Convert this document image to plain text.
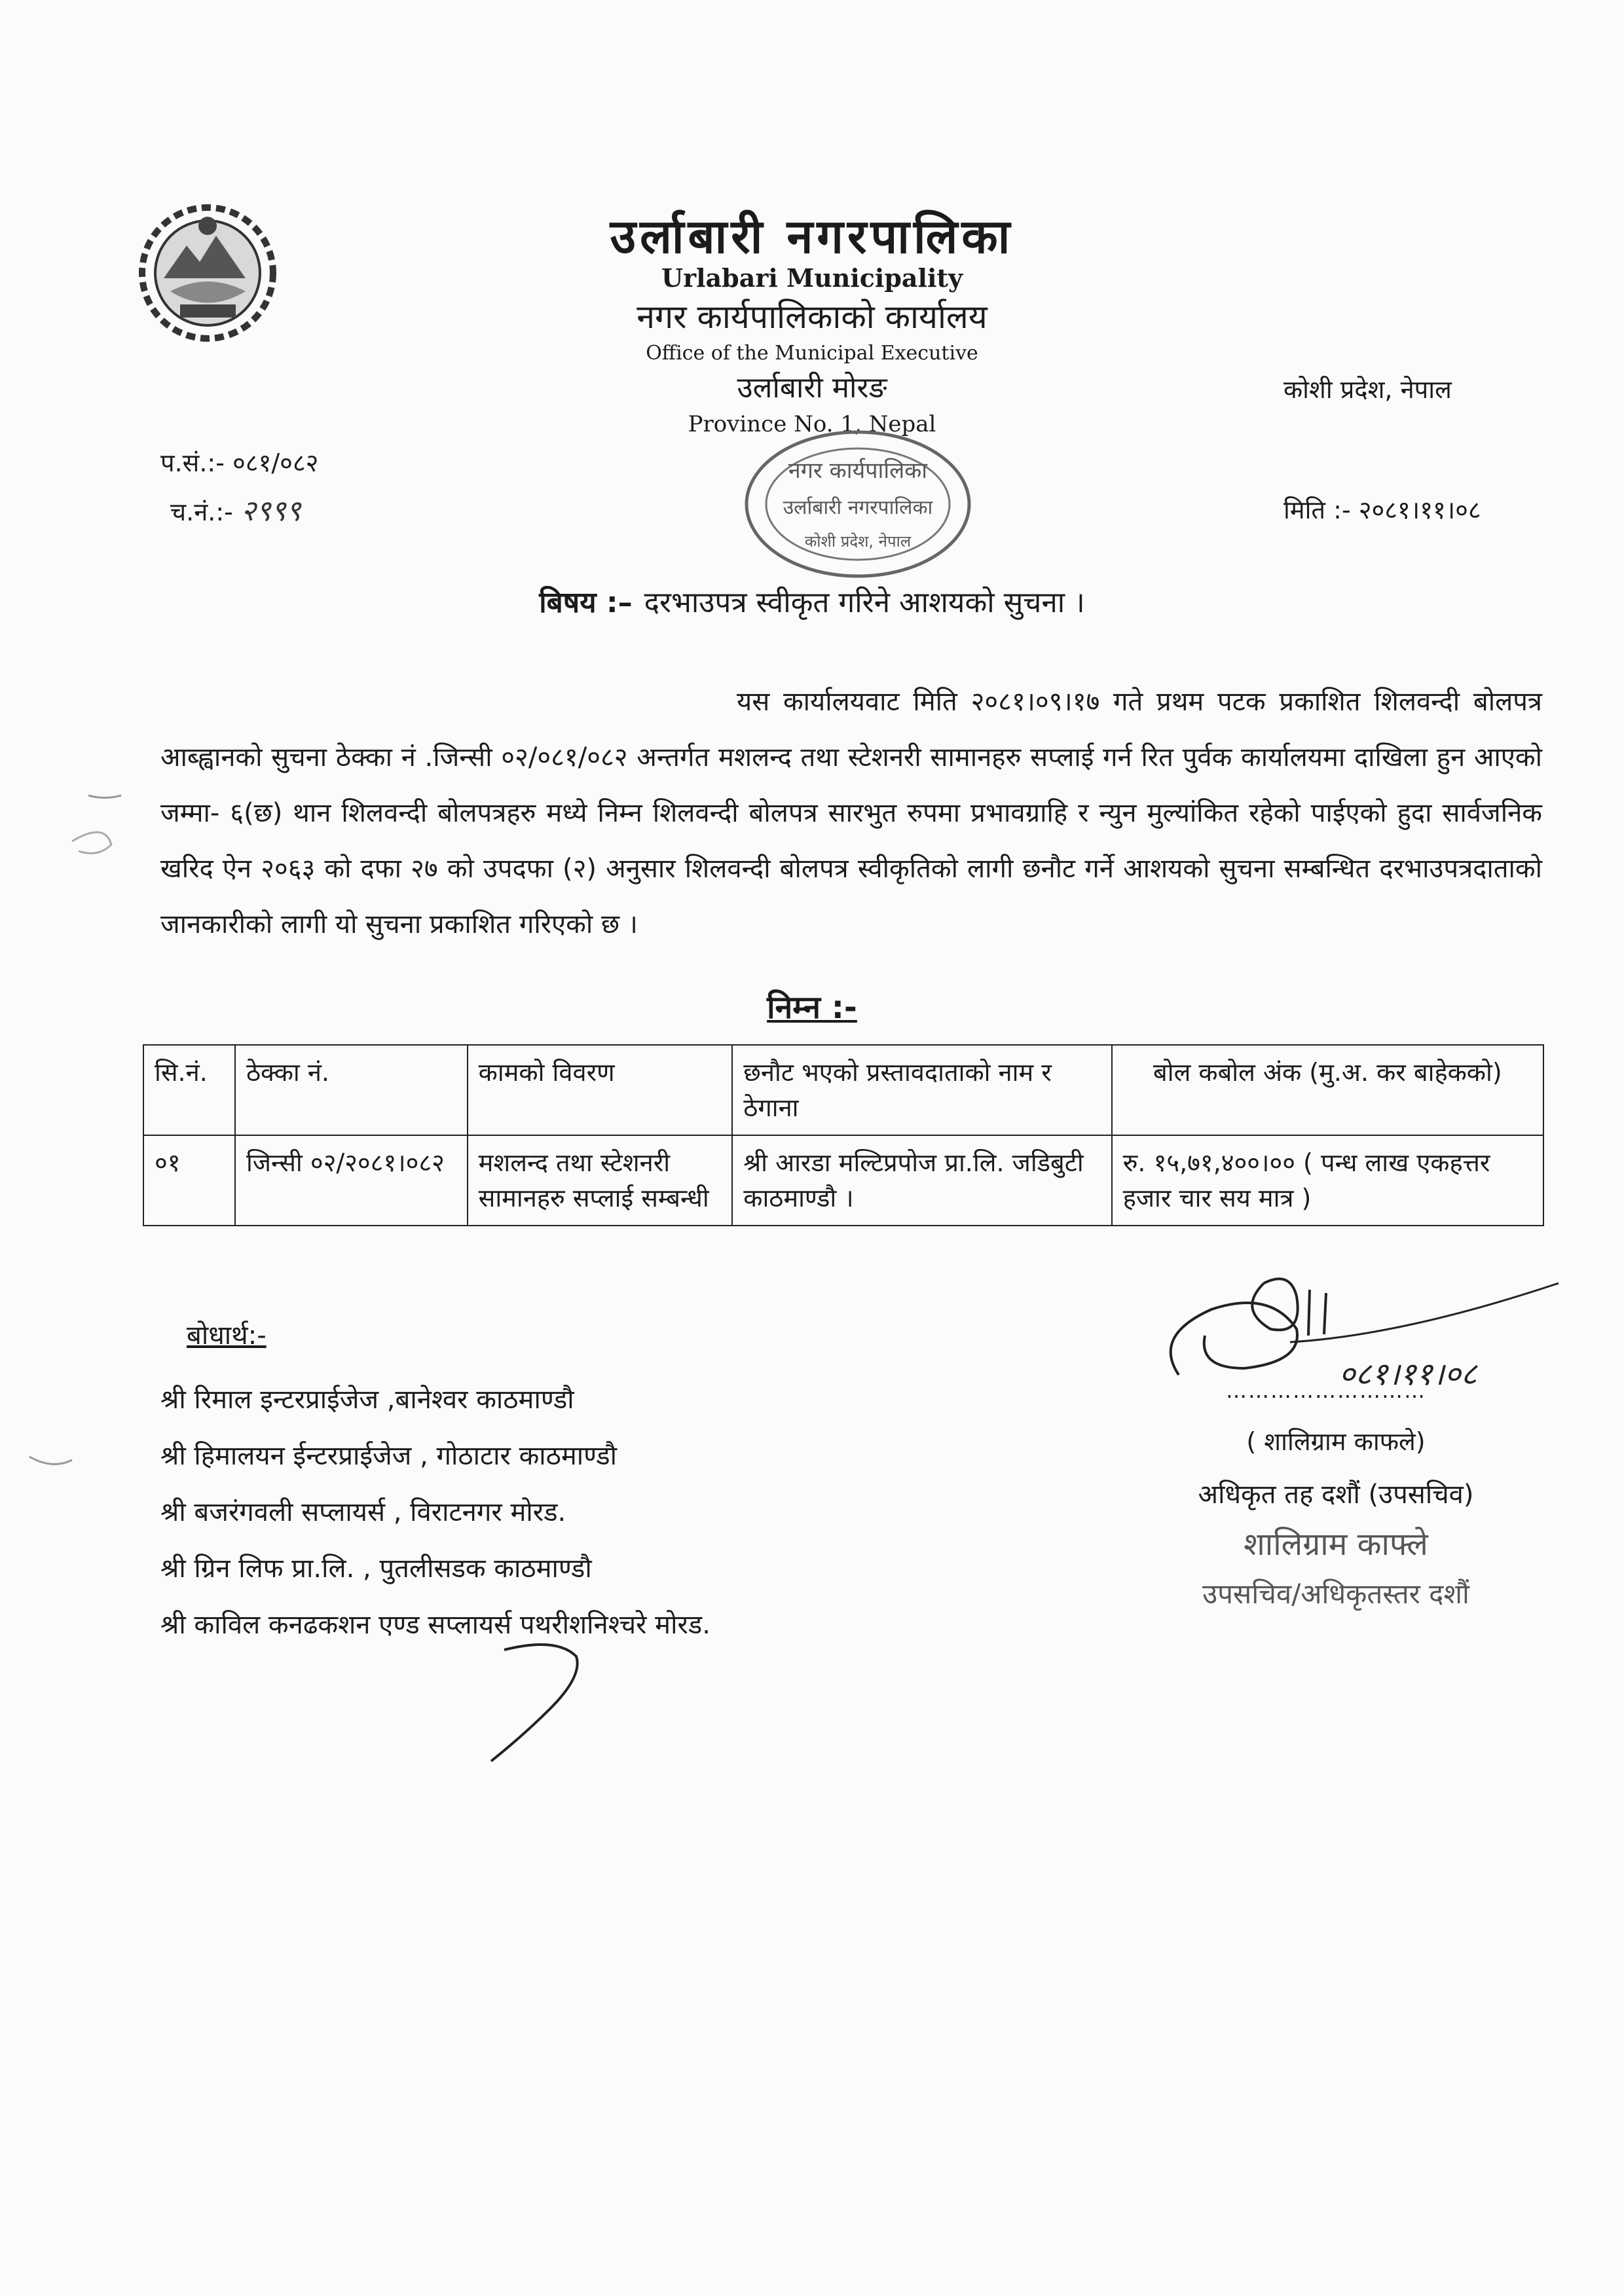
उर्लाबारी नगरपालिका
Urlabari Municipality
नगर कार्यपालिकाको कार्यालय
Office of the Municipal Executive
उर्लाबारी मोरङ
Province No. 1, Nepal
कोशी प्रदेश, नेपाल
नगर कार्यपालिका
उर्लाबारी नगरपालिका
कोशी प्रदेश, नेपाल
प.सं.:- ०८१/०८२
च.नं.:- २९९९	मिति :- २०८१।११।०८
बिषय :– दरभाउपत्र स्वीकृत गरिने आशयको सुचना ।

यस कार्यालयवाट मिति २०८१।०९।१७ गते प्रथम पटक प्रकाशित शिलवन्दी बोलपत्र आब्ह्वानको सुचना ठेक्का नं .जिन्सी ०२/०८१/०८२ अन्तर्गत मशलन्द तथा स्टेशनरी सामानहरु सप्लाई गर्न रित पुर्वक कार्यालयमा दाखिला हुन आएको जम्मा- ६(छ) थान शिलवन्दी बोलपत्रहरु मध्ये निम्न शिलवन्दी बोलपत्र सारभुत रुपमा प्रभावग्राहि र न्युन मुल्यांकित रहेको पाईएको हुदा सार्वजनिक खरिद ऐन २०६३ को दफा २७ को उपदफा (२) अनुसार शिलवन्दी बोलपत्र स्वीकृतिको लागी छनौट गर्ने आशयको सुचना सम्बन्धित दरभाउपत्रदाताको जानकारीको लागी यो सुचना प्रकाशित गरिएको छ ।

निम्न :-
सि.नं.	ठेक्का नं.	कामको विवरण	छनौट भएको प्रस्तावदाताको नाम र ठेगाना	बोल कबोल अंक (मु.अ. कर बाहेकको)
०१	जिन्सी ०२/२०८१।०८२	मशलन्द तथा स्टेशनरी सामानहरु सप्लाई सम्बन्धी	श्री आरडा मल्टिप्रपोज प्रा.लि. जडिबुटी काठमाण्डौ ।	रु. १५,७१,४००।०० ( पन्ध लाख एकहत्तर हजार चार सय मात्र )
बोधार्थ:-
श्री रिमाल इन्टरप्राईजेज ,बानेश्वर काठमाण्डौ
श्री हिमालयन ईन्टरप्राईजेज , गोठाटार काठमाण्डौ
श्री बजरंगवली सप्लायर्स , विराटनगर मोरड.
श्री ग्रिन लिफ प्रा.लि. , पुतलीसडक काठमाण्डौ
श्री काविल कनढकशन एण्ड सप्लायर्स पथरीशनिश्चरे मोरड.
०८१।११।०८
………………………
( शालिग्राम काफले)
अधिकृत तह दशौं (उपसचिव)
शालिग्राम काफ्ले
उपसचिव/अधिकृतस्तर दशौं
